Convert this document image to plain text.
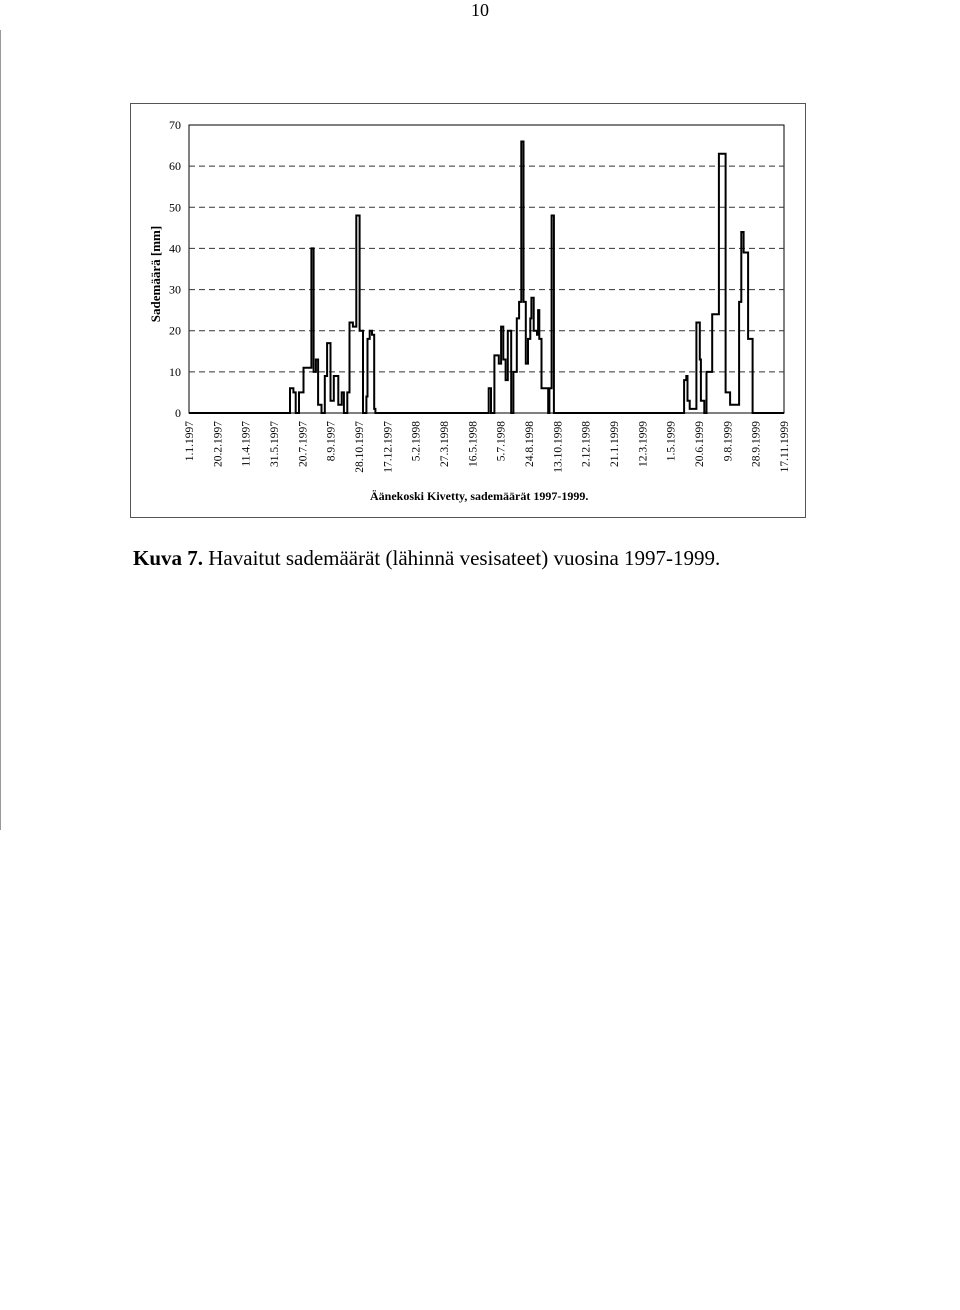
10
0
10
20
30
40
50
60
70
1.1.1997 20.2.1997 11.4.1997 31.5.1997 20.7.1997 8.9.1997 28.10.1997 17.12.1997 5.2.1998 27.3.1998 16.5.1998 5.7.1998 24.8.1998 13.10.1998 2.12.1998 21.1.1999 12.3.1999 1.5.1999 20.6.1999 9.8.1999 28.9.1999 17.11.1999
Sademäärä [mm]
Äänekoski Kivetty, sademäärät 1997-1999.
Kuva 7. Havaitut sademäärät (lähinnä vesisateet) vuosina 1997-1999.
